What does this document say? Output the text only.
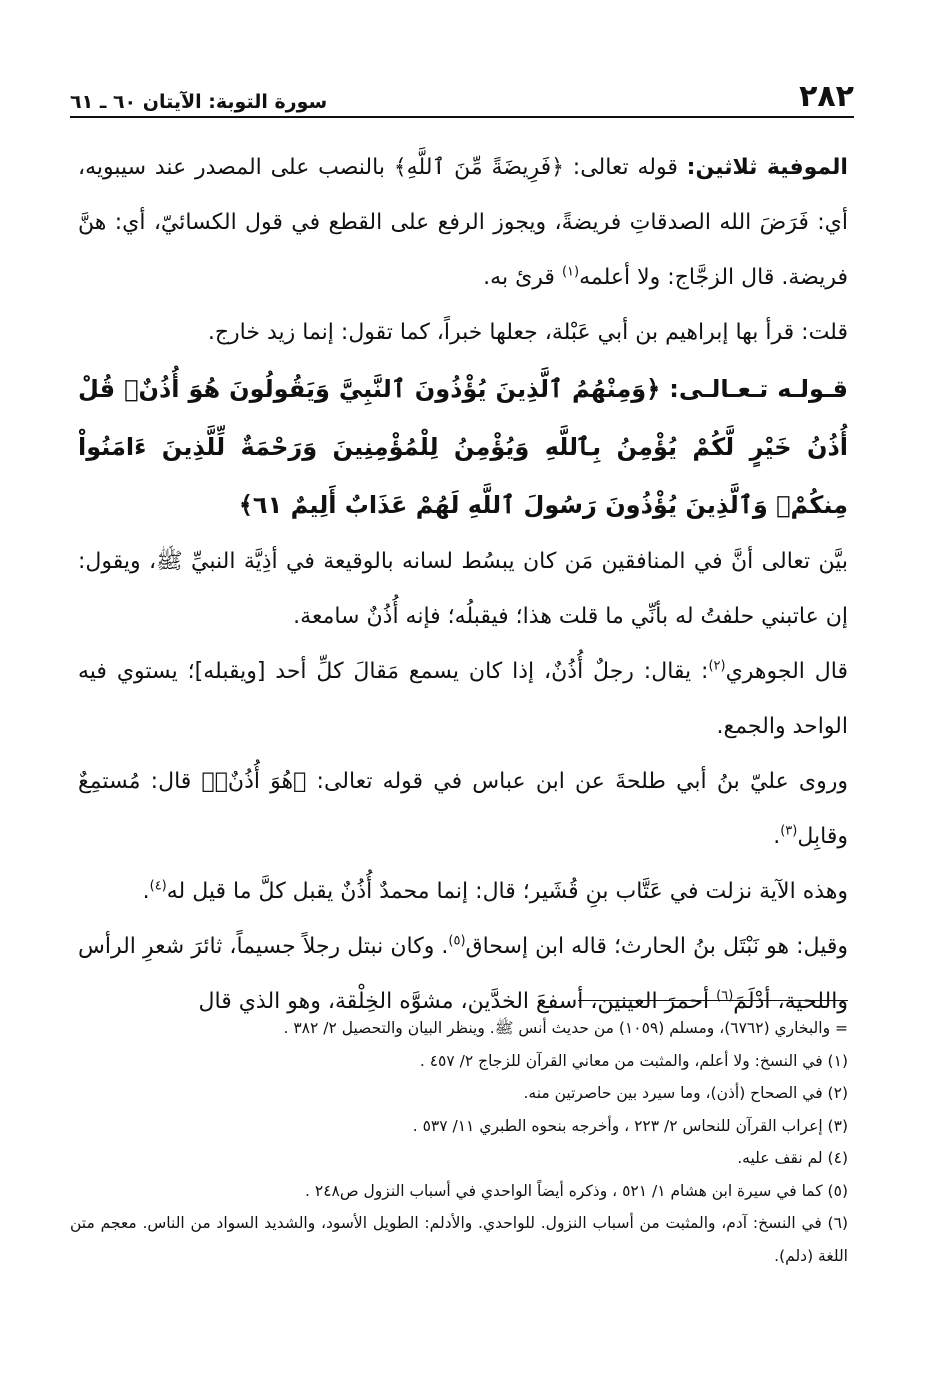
٢٨٢
سورة التوبة: الآيتان ٦٠ ـ ٦١

الموفية ثلاثين: قوله تعالى: ﴿فَرِيضَةً مِّنَ ٱللَّهِ﴾ بالنصب على المصدر عند سيبويه، أي: فَرَضَ الله الصدقاتِ فريضةً، ويجوز الرفع على القطع في قول الكسائيّ، أي: هنَّ فريضة. قال الزجَّاج: ولا أعلمه$^{(١)}$ قرئ به.

قلت: قرأ بها إبراهيم بن أبي عَبْلة، جعلها خبراً، كما تقول: إنما زيد خارج.

قـولـه تـعـالـى: ﴿وَمِنْهُمُ ٱلَّذِينَ يُؤْذُونَ ٱلنَّبِيَّ وَيَقُولُونَ هُوَ أُذُنٌۚ قُلْ أُذُنُ خَيْرٍ لَّكُمْ يُؤْمِنُ بِٱللَّهِ وَيُؤْمِنُ لِلْمُؤْمِنِينَ وَرَحْمَةٌ لِّلَّذِينَ ءَامَنُواْ مِنكُمْۚ وَٱلَّذِينَ يُؤْذُونَ رَسُولَ ٱللَّهِ لَهُمْ عَذَابٌ أَلِيمٌ ٦١﴾

بيَّن تعالى أنَّ في المنافقين مَن كان يبسُط لسانه بالوقيعة في أذِيَّة النبيِّ ﷺ، ويقول: إن عاتبني حلفتُ له بأنِّي ما قلت هذا؛ فيقبلُه؛ فإنه أُذُنٌ سامعة.

قال الجوهري$^{(٢)}$: يقال: رجلٌ أُذُنٌ، إذا كان يسمع مَقالَ كلِّ أحد [ويقبله]؛ يستوي فيه الواحد والجمع.

وروى عليّ بنُ أبي طلحةَ عن ابن عباس في قوله تعالى: ﴿هُوَ أُذُنٌۚ﴾ قال: مُستمِعٌ وقابِل$^{(٣)}$.

وهذه الآية نزلت في عَتَّاب بنِ قُشَير؛ قال: إنما محمدٌ أُذُنٌ يقبل كلَّ ما قيل له$^{(٤)}$.

وقيل: هو نَبْتَل بنُ الحارث؛ قاله ابن إسحاق$^{(٥)}$. وكان نبتل رجلاً جسيماً، ثائرَ شعرِ الرأس واللحية، أدْلَمَ$^{(٦)}$ أحمرَ العينين، أسفعَ الخدَّين، مشوَّه الخِلْقة، وهو الذي قال

= والبخاري (٦٧٦٢)، ومسلم (١٠٥٩) من حديث أنس ﷺ. وينظر البيان والتحصيل ٢/ ٣٨٢ .

(١) في النسخ: ولا أعلم، والمثبت من معاني القرآن للزجاج ٢/ ٤٥٧ .

(٢) في الصحاح (أذن)، وما سيرد بين حاصرتين منه.

(٣) إعراب القرآن للنحاس ٢/ ٢٢٣ ، وأخرجه بنحوه الطبري ١١/ ٥٣٧ .

(٤) لم نقف عليه.

(٥) كما في سيرة ابن هشام ١/ ٥٢١ ، وذكره أيضاً الواحدي في أسباب النزول ص٢٤٨ .

(٦) في النسخ: آدم، والمثبت من أسباب النزول. للواحدي. والأدلم: الطويل الأسود، والشديد السواد من الناس. معجم متن اللغة (دلم).
